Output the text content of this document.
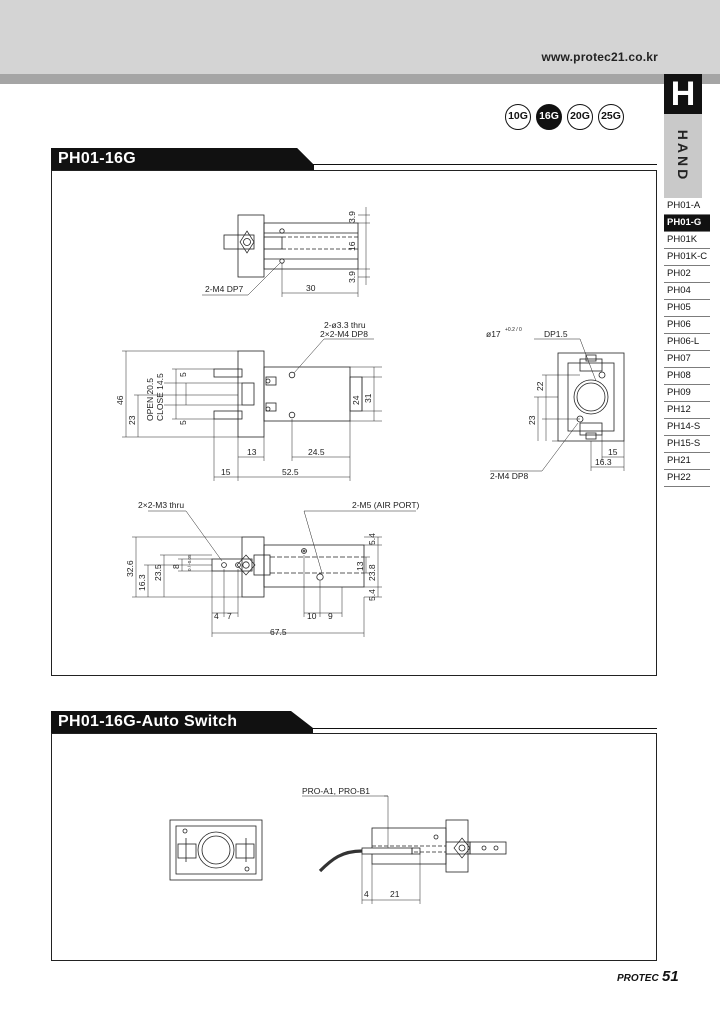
www.protec21.co.kr
H
HAND
PH01-A
PH01-G
PH01K
PH01K-C
PH02
PH04
PH05
PH06
PH06-L
PH07
PH08
PH09
PH12
PH14-S
PH15-S
PH21
PH22
10G 16G 20G 25G
PH01-16G
3.9
16
3.9
30
2-M4 DP7
2-ø3.3 thru
2×2-M4 DP8
46
23 OPEN 20.5 CLOSE 14.5 5
5
24 31
13	24.5
15	52.5
ø17 +0.2 / 0	DP1.5
22
23
15
16.3
2-M4 DP8
2×2-M3 thru	2-M5 (AIR PORT)
32.6
16.3
23.5 8 0 / -0.05
5.4
13 23.8
5.4
4 7	10 9
67.5
PH01-16G-Auto Switch
PRO-A1, PRO-B1
4	21
PROTEC 51
